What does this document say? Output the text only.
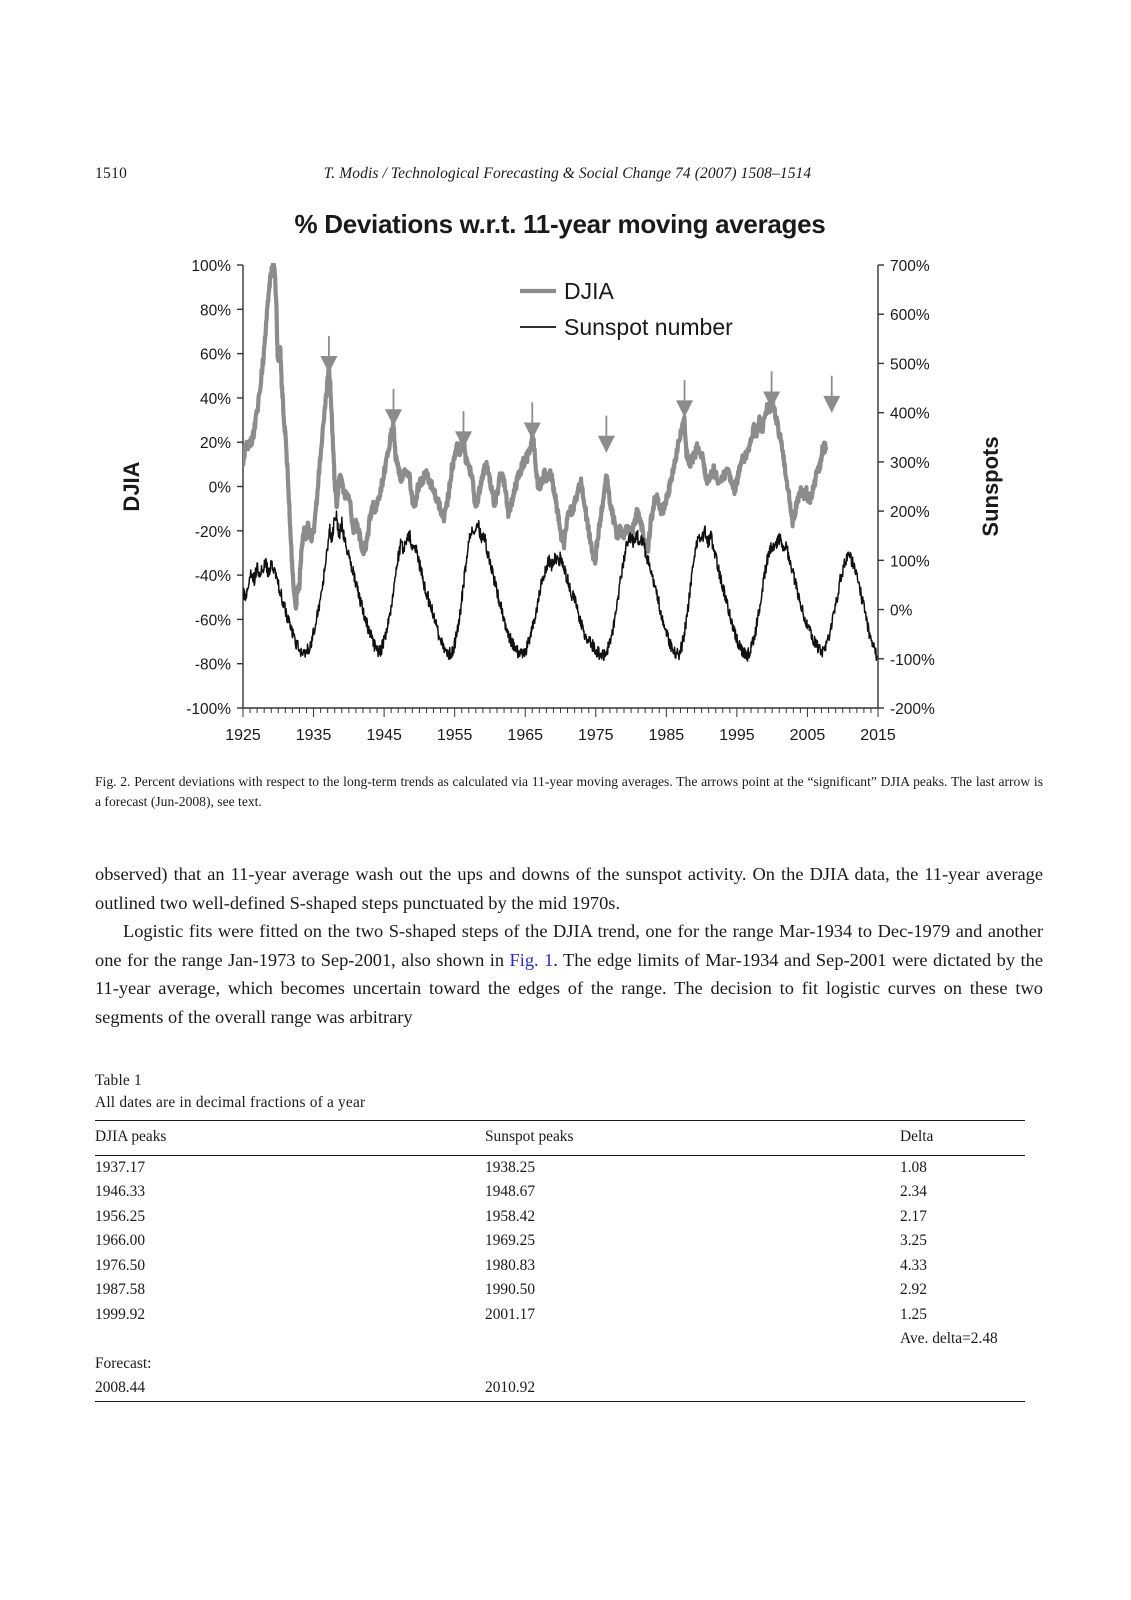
1510	T. Modis / Technological Forecasting & Social Change 74 (2007) 1508–1514
% Deviations w.r.t. 11-year moving averages
-100%
-80%
-60%
-40%
-20%
0%
20%
40%
60%
80%
100%
DJIA
-200%
-100%
0%
100%
200%
300%
400%
500%
600%
700%
Sunspots
1925 1935 1945 1955 1965 1975 1985 1995 2005 2015
DJIA
Sunspot number
Fig. 2. Percent deviations with respect to the long-term trends as calculated via 11-year moving averages. The arrows point at the “significant” DJIA peaks. The last arrow is a forecast (Jun-2008), see text.

observed) that an 11-year average wash out the ups and downs of the sunspot activity. On the DJIA data, the 11-year average outlined two well-defined S-shaped steps punctuated by the mid 1970s.

Logistic fits were fitted on the two S-shaped steps of the DJIA trend, one for the range Mar-1934 to Dec-1979 and another one for the range Jan-1973 to Sep-2001, also shown in Fig. 1. The edge limits of Mar-1934 and Sep-2001 were dictated by the 11-year average, which becomes uncertain toward the edges of the range. The decision to fit logistic curves on these two segments of the overall range was arbitrary

Table 1
All dates are in decimal fractions of a year
DJIA peaks	Sunspot peaks	Delta
1937.17	1938.25	1.08
1946.33	1948.67	2.34
1956.25	1958.42	2.17
1966.00	1969.25	3.25
1976.50	1980.83	4.33
1987.58	1990.50	2.92
1999.92	2001.17	1.25
		Ave. delta=2.48
Forecast:		
2008.44	2010.92	
